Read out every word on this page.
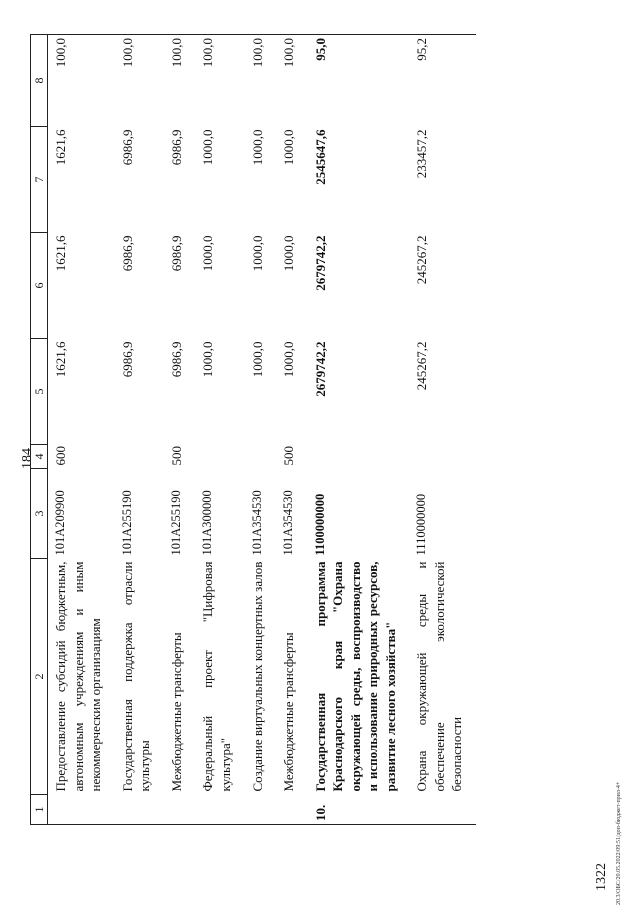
184
1	2	3	4	5	6	7	8
	Предоставление субсидий бюджетным, автономным учреждениям и иным некоммерческим организациям	101A209900	600	1621,6	1621,6	1621,6	100,0
	Государственная поддержка отрасли культуры	101A255190		6986,9	6986,9	6986,9	100,0
	Межбюджетные трансферты	101A255190	500	6986,9	6986,9	6986,9	100,0
	Федеральный проект "Цифровая культура"	101A300000		1000,0	1000,0	1000,0	100,0
	Создание виртуальных концертных залов	101A354530		1000,0	1000,0	1000,0	100,0
	Межбюджетные трансферты	101A354530	500	1000,0	1000,0	1000,0	100,0
10.	Государственная программа Краснодарского края "Охрана окружающей среды, воспроизводство и использование природных ресурсов, развитие лесного хозяйства"	1100000000		2679742,2	2679742,2	2545647,6	95,0
	Охрана окружающей среды и обеспечение экологической безопасности	1110000000		245267,2	245267,2	233457,2	95,2
1322 20.3/ОБС/20.05.2022/09:51/доп-бюджет-прил-4+
